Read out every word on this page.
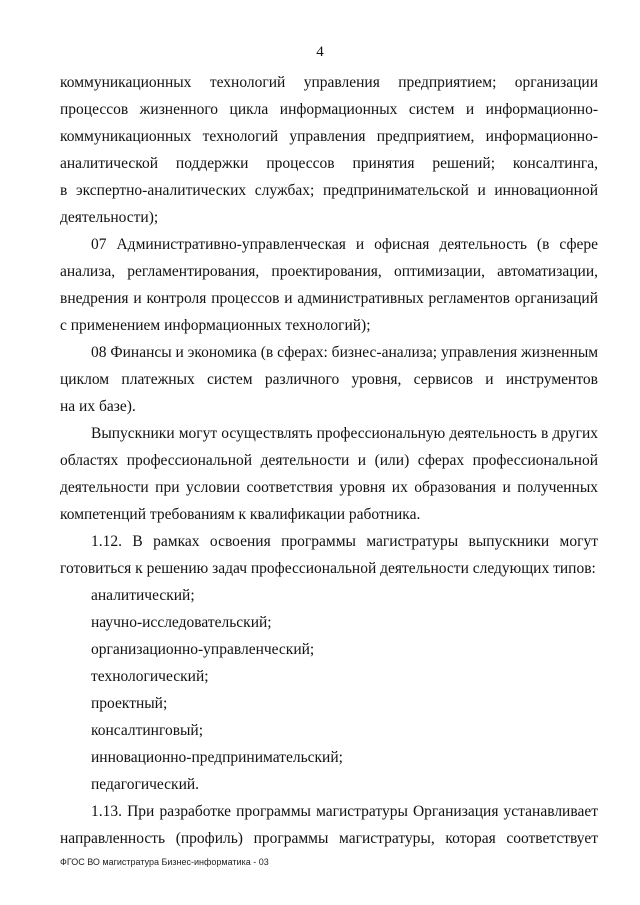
4
коммуникационных технологий управления предприятием; организации
процессов жизненного цикла информационных систем и информационно-
коммуникационных технологий управления предприятием, информационно-
аналитической поддержки процессов принятия решений; консалтинга,
в экспертно-аналитических службах; предпринимательской и инновационной
деятельности);
07 Административно-управленческая и офисная деятельность (в сфере
анализа, регламентирования, проектирования, оптимизации, автоматизации,
внедрения и контроля процессов и административных регламентов организаций
с применением информационных технологий);
08 Финансы и экономика (в сферах: бизнес-анализа; управления жизненным
циклом платежных систем различного уровня, сервисов и инструментов
на их базе).
Выпускники могут осуществлять профессиональную деятельность в других
областях профессиональной деятельности и (или) сферах профессиональной
деятельности при условии соответствия уровня их образования и полученных
компетенций требованиям к квалификации работника.
1.12. В рамках освоения программы магистратуры выпускники могут
готовиться к решению задач профессиональной деятельности следующих типов:
аналитический;
научно-исследовательский;
организационно-управленческий;
технологический;
проектный;
консалтинговый;
инновационно-предпринимательский;
педагогический.
1.13. При разработке программы магистратуры Организация устанавливает
направленность (профиль) программы магистратуры, которая соответствует
ФГОС ВО магистратура Бизнес-информатика - 03
